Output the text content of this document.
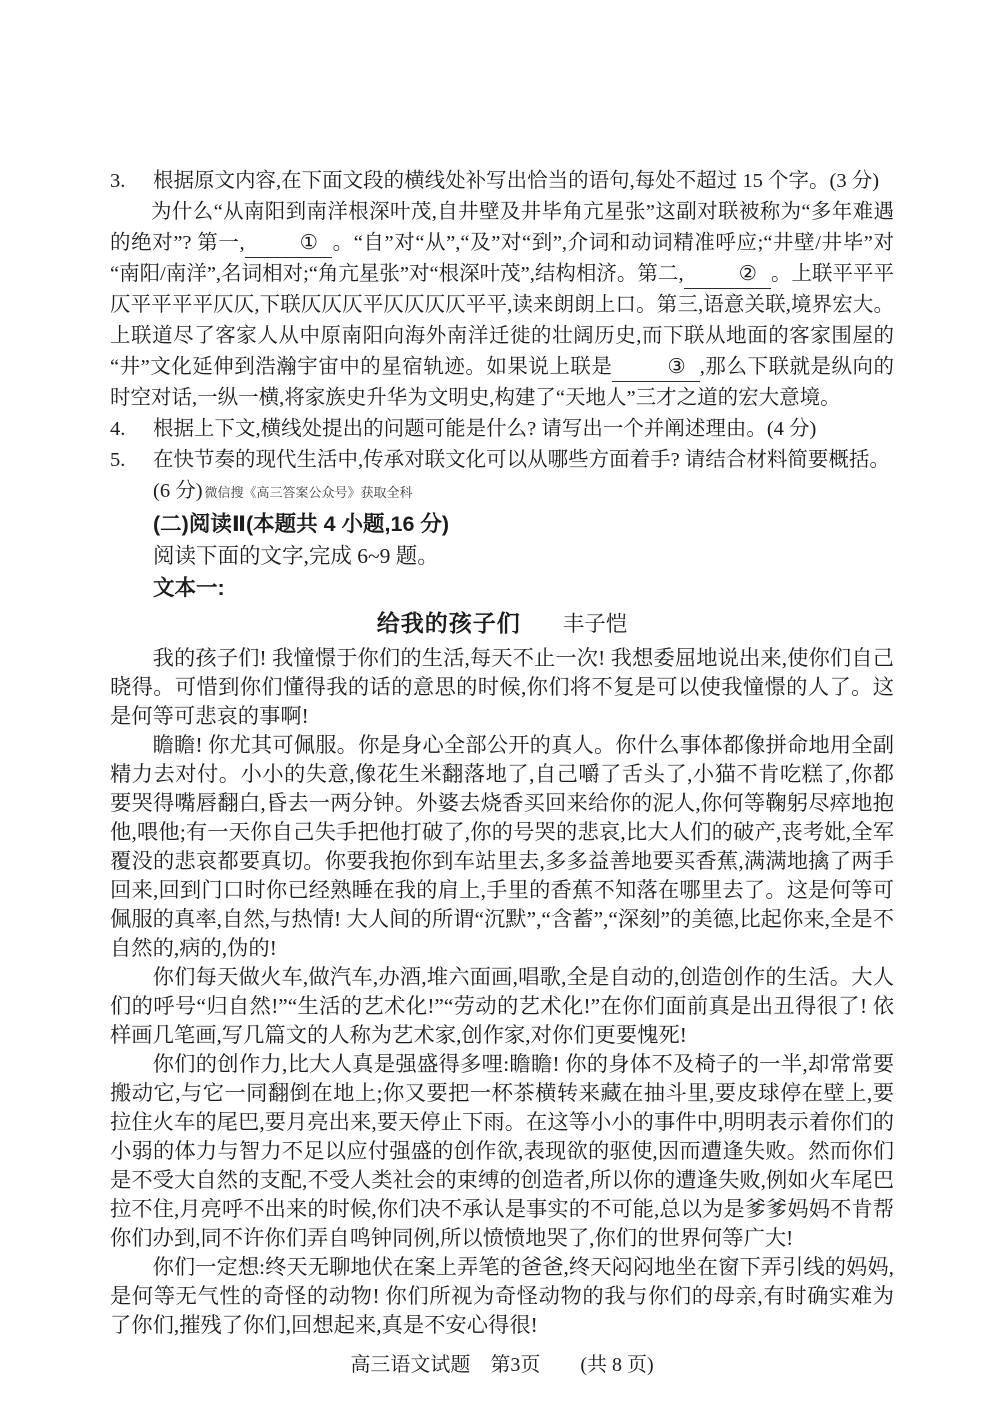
3. 根据原文内容,在下面文段的横线处补写出恰当的语句,每处不超过 15 个字。(3 分)

为什么“从南阳到南洋根深叶茂,自井壁及井毕角亢星张”这副对联被称为“多年难遇的绝对”? 第一,	① 。“自”对“从”,“及”对“到”,介词和动词精准呼应;“井壁/井毕”对“南阳/南洋”,名词相对;“角亢星张”对“根深叶茂”,结构相济。第二,	② 。上联平平平仄平平平平仄仄,下联仄仄仄平仄仄仄仄平平,读来朗朗上口。第三,语意关联,境界宏大。上联道尽了客家人从中原南阳向海外南洋迁徙的壮阔历史,而下联从地面的客家围屋的“井”文化延伸到浩瀚宇宙中的星宿轨迹。如果说上联是	③ ,那么下联就是纵向的时空对话,一纵一横,将家族史升华为文明史,构建了“天地人”三才之道的宏大意境。

4. 根据上下文,横线处提出的问题可能是什么? 请写出一个并阐述理由。(4 分)

5. 在快节奏的现代生活中,传承对联文化可以从哪些方面着手? 请结合材料简要概括。

(6 分) 微信搜《高三答案公众号》获取全科

(二)阅读Ⅱ(本题共 4 小题,16 分)

阅读下面的文字,完成 6~9 题。

文本一:

给我的孩子们 丰子恺

我的孩子们! 我憧憬于你们的生活,每天不止一次! 我想委屈地说出来,使你们自己晓得。可惜到你们懂得我的话的意思的时候,你们将不复是可以使我憧憬的人了。这是何等可悲哀的事啊!

瞻瞻! 你尤其可佩服。你是身心全部公开的真人。你什么事体都像拼命地用全副精力去对付。小小的失意,像花生米翻落地了,自己嚼了舌头了,小猫不肯吃糕了,你都要哭得嘴唇翻白,昏去一两分钟。外婆去烧香买回来给你的泥人,你何等鞠躬尽瘁地抱他,喂他;有一天你自己失手把他打破了,你的号哭的悲哀,比大人们的破产,丧考妣,全军覆没的悲哀都要真切。你要我抱你到车站里去,多多益善地要买香蕉,满满地擒了两手回来,回到门口时你已经熟睡在我的肩上,手里的香蕉不知落在哪里去了。这是何等可佩服的真率,自然,与热情! 大人间的所谓“沉默”,“含蓄”,“深刻”的美德,比起你来,全是不自然的,病的,伪的!

你们每天做火车,做汽车,办酒,堆六面画,唱歌,全是自动的,创造创作的生活。大人们的呼号“归自然!”“生活的艺术化!”“劳动的艺术化!”在你们面前真是出丑得很了! 依样画几笔画,写几篇文的人称为艺术家,创作家,对你们更要愧死!

你们的创作力,比大人真是强盛得多哩:瞻瞻! 你的身体不及椅子的一半,却常常要搬动它,与它一同翻倒在地上;你又要把一杯茶横转来藏在抽斗里,要皮球停在壁上,要拉住火车的尾巴,要月亮出来,要天停止下雨。在这等小小的事件中,明明表示着你们的小弱的体力与智力不足以应付强盛的创作欲,表现欲的驱使,因而遭逢失败。然而你们是不受大自然的支配,不受人类社会的束缚的创造者,所以你的遭逢失败,例如火车尾巴拉不住,月亮呼不出来的时候,你们决不承认是事实的不可能,总以为是爹爹妈妈不肯帮你们办到,同不许你们弄自鸣钟同例,所以愤愤地哭了,你们的世界何等广大!

你们一定想:终天无聊地伏在案上弄笔的爸爸,终天闷闷地坐在窗下弄引线的妈妈,是何等无气性的奇怪的动物! 你们所视为奇怪动物的我与你们的母亲,有时确实难为了你们,摧残了你们,回想起来,真是不安心得很!

高三语文试题　第3页　　(共 8 页)
